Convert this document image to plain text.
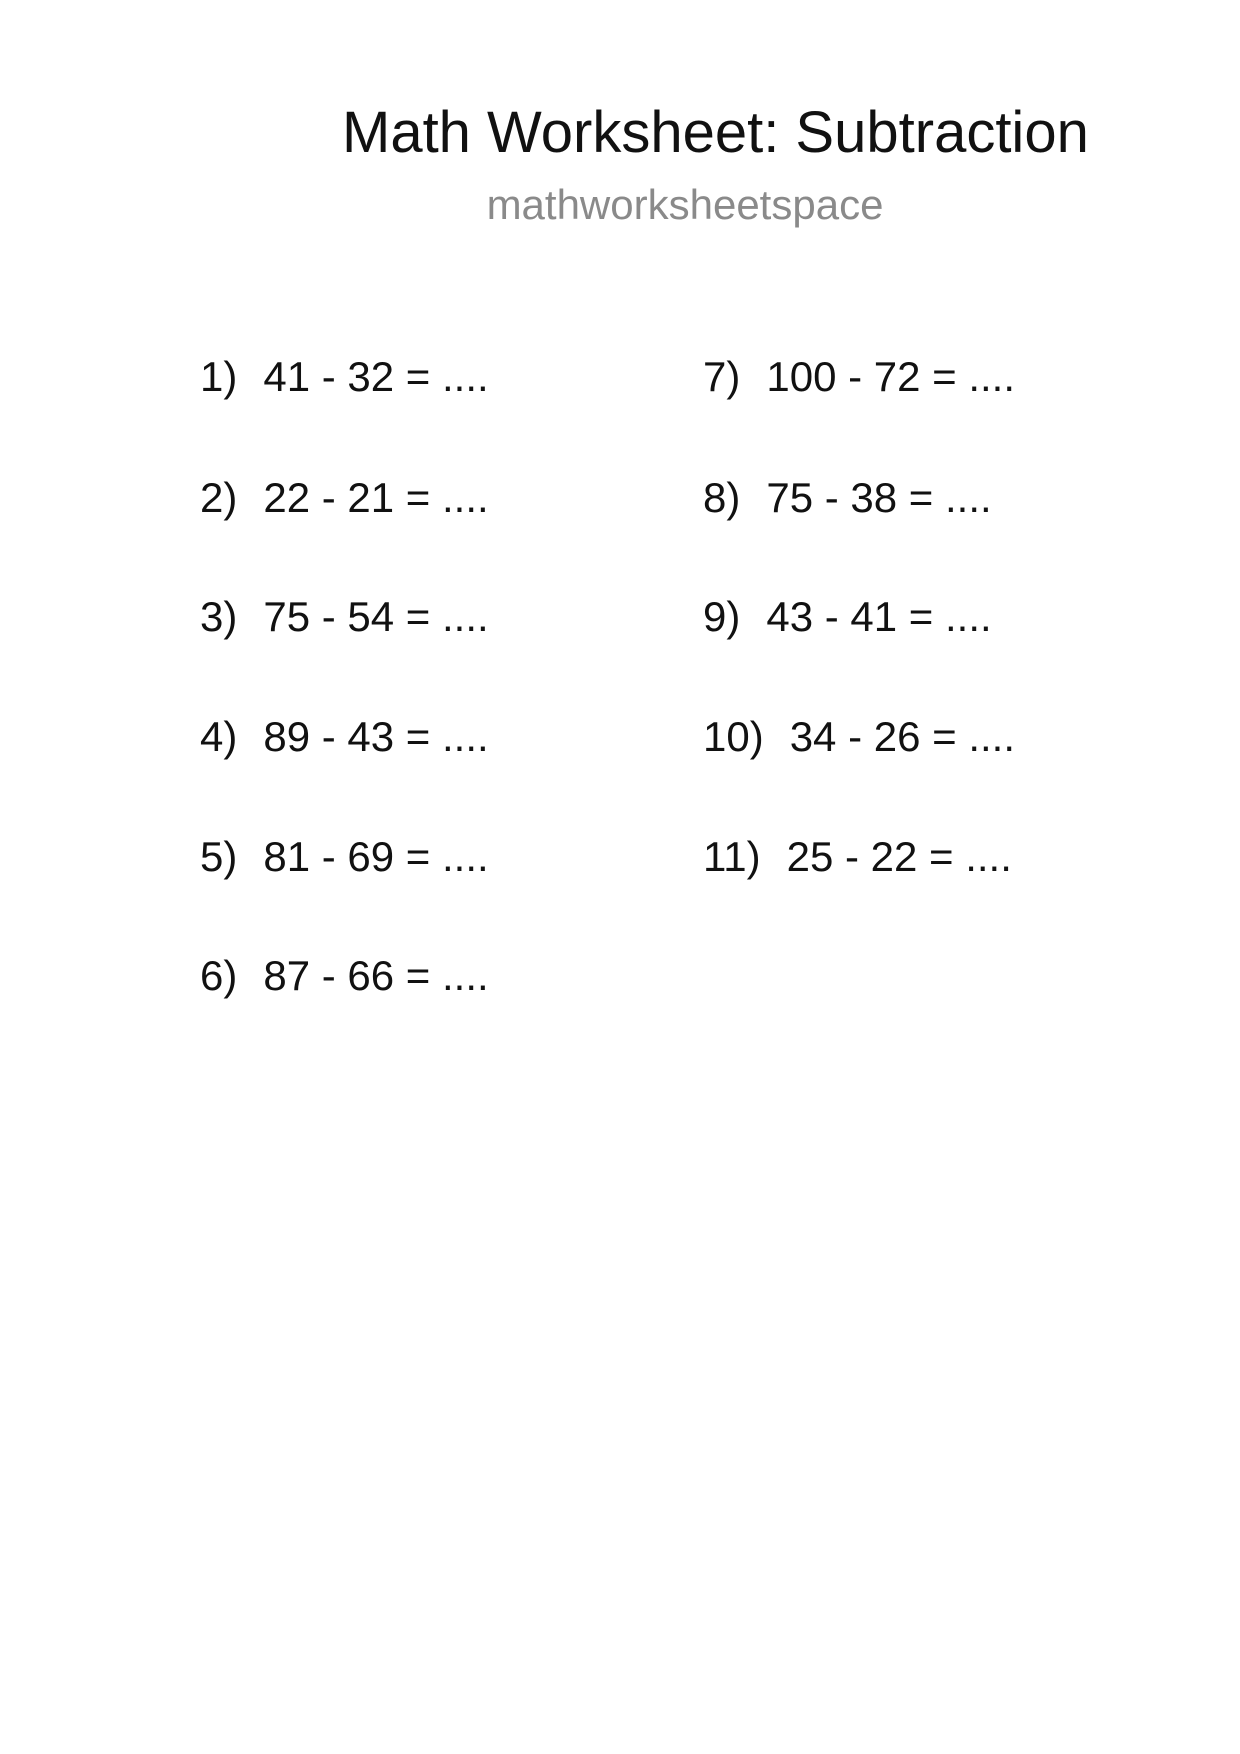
Math Worksheet: Subtraction
mathworksheetspace
1) 41 - 32 = ....
2) 22 - 21 = ....
3) 75 - 54 = ....
4) 89 - 43 = ....
5) 81 - 69 = ....
6) 87 - 66 = ....
7) 100 - 72 = ....
8) 75 - 38 = ....
9) 43 - 41 = ....
10) 34 - 26 = ....
11) 25 - 22 = ....
